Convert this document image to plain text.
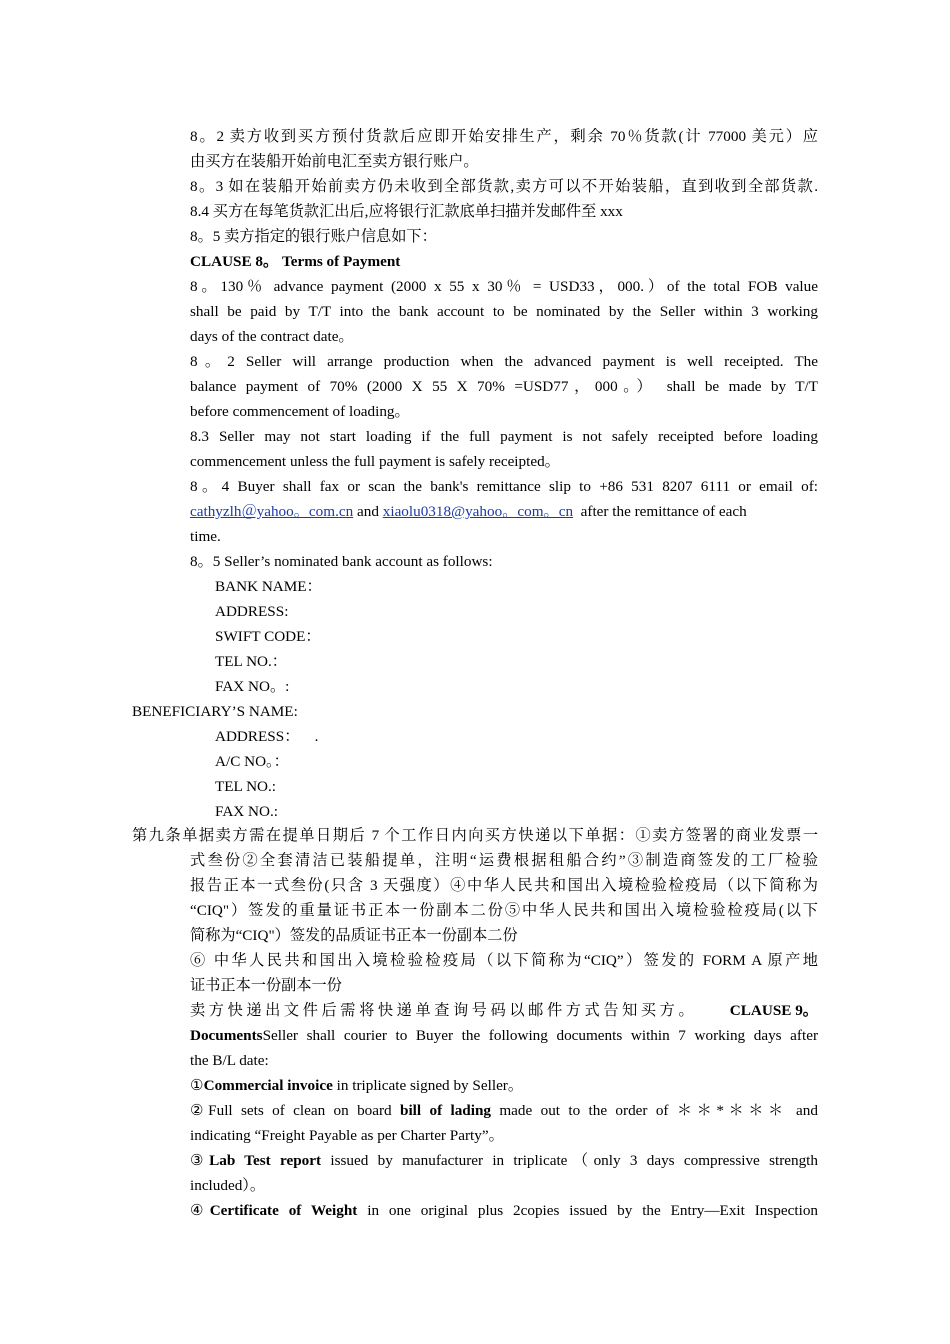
8。2 卖方收到买方预付货款后应即开始安排生产，剩余 70％货款(计 77000 美元）应
由买方在装船开始前电汇至卖方银行账户。
8。3 如在装船开始前卖方仍未收到全部货款,卖方可以不开始装船，直到收到全部货款.
8.4 买方在每笔货款汇出后,应将银行汇款底单扫描并发邮件至 xxx
8。5 卖方指定的银行账户信息如下：
CLAUSE 8。 Terms of Payment
8。130％ advance payment (2000 x 55 x 30％ = USD33，000.）of the total FOB value
shall be paid by T/T into the bank account to be nominated by the Seller within 3 working
days of the contract date。
8。2 Seller will arrange production when the advanced payment is well receipted. The
balance payment of 70% (2000 X 55 X 70% =USD77，000。） shall be made by T/T
before commencement of loading。
8.3 Seller may not start loading if the full payment is not safely receipted before loading
commencement unless the full payment is safely receipted。
8。4 Buyer shall fax or scan the bank's remittance slip to +86 531 8207 6111 or email of:
cathyzlh＠yahoo。com.cn and xiaolu0318@yahoo。com。cn  after the remittance of each
time.
8。5 Seller’s nominated bank account as follows:
BANK NAME：
ADDRESS:
SWIFT CODE：
TEL NO.：
FAX NO。:
BENEFICIARY’S NAME:
ADDRESS：    .
A/C NO。：
TEL NO.:
FAX NO.:
第九条单据卖方需在提单日期后 7 个工作日内向买方快递以下单据：①卖方签署的商业发票一
式叁份②全套清洁已装船提单，注明“运费根据租船合约”③制造商签发的工厂检验
报告正本一式叁份(只含 3 天强度）④中华人民共和国出入境检验检疫局（以下简称为
“CIQ"）签发的重量证书正本一份副本二份⑤中华人民共和国出入境检验检疫局(以下
简称为“CIQ"）签发的品质证书正本一份副本二份
⑥ 中华人民共和国出入境检验检疫局（以下简称为“CIQ”）签发的 FORM A 原产地
证书正本一份副本一份
卖方快递出文件后需将快递单查询号码以邮件方式告知买方。 CLAUSE 9。
DocumentsSeller shall courier to Buyer the following documents within 7 working days after
the B/L date:
①Commercial invoice in triplicate signed by Seller。
②Full sets of clean on board bill of lading made out to the order of ＊＊*＊＊＊ and
indicating “Freight Payable as per Charter Party”。
③Lab Test report issued by manufacturer in triplicate（only 3 days compressive strength
included）。
④Certificate of Weight in one original plus 2copies issued by the Entry—Exit Inspection
